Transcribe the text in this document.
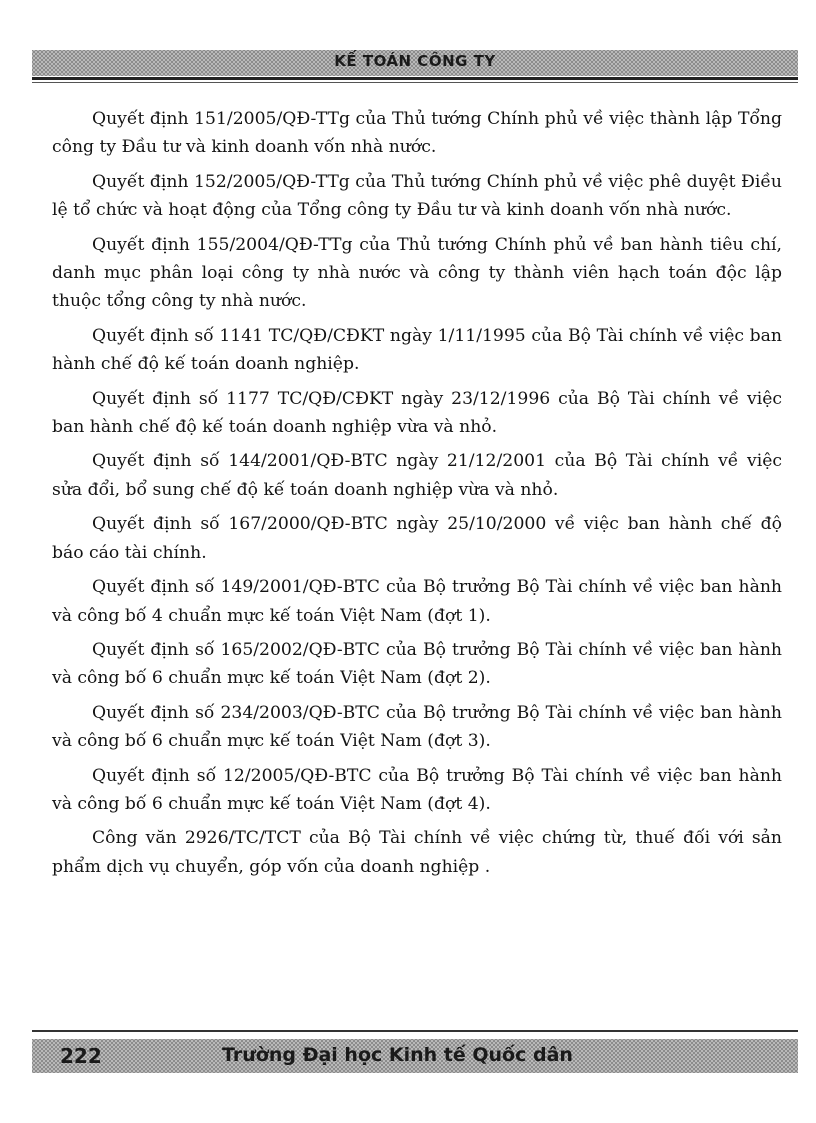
KẾ TOÁN CÔNG TY

Quyết định 151/2005/QĐ-TTg của Thủ tướng Chính phủ về việc thành lập Tổng công ty Đầu tư và kinh doanh vốn nhà nước.

Quyết định 152/2005/QĐ-TTg của Thủ tướng Chính phủ về việc phê duyệt Điều lệ tổ chức và hoạt động của Tổng công ty Đầu tư và kinh doanh vốn nhà nước.

Quyết định 155/2004/QĐ-TTg của Thủ tướng Chính phủ về ban hành tiêu chí, danh mục phân loại công ty nhà nước và công ty thành viên hạch toán độc lập thuộc tổng công ty nhà nước.

Quyết định số 1141 TC/QĐ/CĐKT ngày 1/11/1995 của Bộ Tài chính về việc ban hành chế độ kế toán doanh nghiệp.

Quyết định số 1177 TC/QĐ/CĐKT ngày 23/12/1996 của Bộ Tài chính về việc ban hành chế độ kế toán doanh nghiệp vừa và nhỏ.

Quyết định số 144/2001/QĐ-BTC ngày 21/12/2001 của Bộ Tài chính về việc sửa đổi, bổ sung chế độ kế toán doanh nghiệp vừa và nhỏ.

Quyết định số 167/2000/QĐ-BTC ngày 25/10/2000 về việc ban hành chế độ báo cáo tài chính.

Quyết định số 149/2001/QĐ-BTC của Bộ trưởng Bộ Tài chính về việc ban hành và công bố 4 chuẩn mực kế toán Việt Nam (đợt 1).

Quyết định số 165/2002/QĐ-BTC của Bộ trưởng Bộ Tài chính về việc ban hành và công bố 6 chuẩn mực kế toán Việt Nam (đợt 2).

Quyết định số 234/2003/QĐ-BTC của Bộ trưởng Bộ Tài chính về việc ban hành và công bố 6 chuẩn mực kế toán Việt Nam (đợt 3).

Quyết định số 12/2005/QĐ-BTC của Bộ trưởng Bộ Tài chính về việc ban hành và công bố 6 chuẩn mực kế toán Việt Nam (đợt 4).

Công văn 2926/TC/TCT của Bộ Tài chính về việc chứng từ, thuế đối với sản phẩm dịch vụ chuyển, góp vốn của doanh nghiệp .

222	Trường Đại học Kinh tế Quốc dân
